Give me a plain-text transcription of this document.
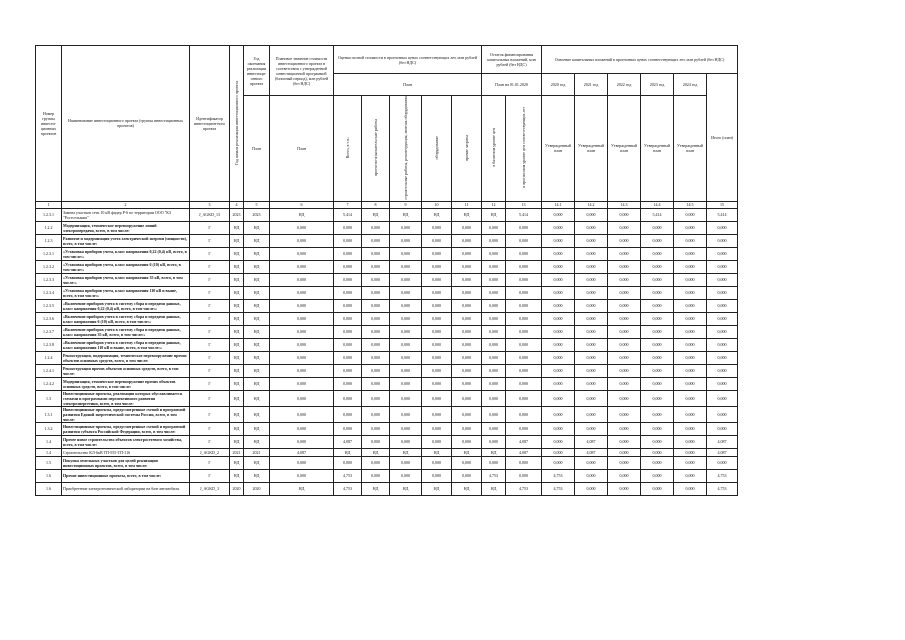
Номер группы инвести-ционных проектов	Наименование инвестиционного проекта (группы инвестиционных проектов)	Идентификатор инвестицион-ного проекта	Год начала реализации инвестиционного проекта	Год окончания реализации инвестици-онного проекта	Плановое значение стоимости инвестиционного проекта в соответствии с утвержденной инвестиционной программой (базисный период), млн рублей (без НДС)	Оценка полной стоимости в прогнозных ценах соответствующих лет, млн рублей (без НДС)					Остаток финансирования капитальных вложений, млн рублей (без НДС)		Освоение капитальных вложений в прогнозных ценах соответствующих лет, млн рублей (без НДС)					
						План					План на 01.01.2020		2020 год	2021 год	2022 год	2023 год	2024 год	Итого (план)
				План	План	Всего, в т.ч.:	проектно-изыскательские работы	строительные работы, реконструкция, монтаж оборудования	оборудование	прочие затраты	в базисном уровне цен	в прогнозном уровне цен соответствующих лет	Утвержденный план	Утвержденный план	Утвержденный план	Утвержденный план	Утвержденный план	
1	2	3	4	5	6	7	8	9	10	11	12	13	14.1	14.2	14.3	14.4	14.5	15
1.2.3.1	Замена участков сети 10 кВ фидер Р-6 по территории ООО "КЗ "Ростсельмаш"	J_AGKD_13	2023	2023	НД	5,414	НД	НД	НД	НД	НД	5,414	0,000	0,000	0,000	5,414	0,000	5,414
1.2.2	Модернизация, техническое перевооружение линий электропередачи, всего, в том числе:	Г	НД	НД	0,000	0,000	0,000	0,000	0,000	0,000	0,000	0,000	0,000	0,000	0,000	0,000	0,000	0,000
1.2.3	Развитие и модернизация учета электрической энергии (мощности), всего, в том числе:	Г	НД	НД	0,000	0,000	0,000	0,000	0,000	0,000	0,000	0,000	0,000	0,000	0,000	0,000	0,000	0,000
1.2.3.1	«Установка приборов учета, класс напряжения 0,22 (0,4) кВ, всего, в том числе:»	Г	НД	НД	0,000	0,000	0,000	0,000	0,000	0,000	0,000	0,000	0,000	0,000	0,000	0,000	0,000	0,000
1.2.3.2	«Установка приборов учета, класс напряжения 6 (10) кВ, всего, в том числе:»	Г	НД	НД	0,000	0,000	0,000	0,000	0,000	0,000	0,000	0,000	0,000	0,000	0,000	0,000	0,000	0,000
1.2.3.3	«Установка приборов учета, класс напряжения 35 кВ, всего, в том числе:»	Г	НД	НД	0,000	0,000	0,000	0,000	0,000	0,000	0,000	0,000	0,000	0,000	0,000	0,000	0,000	0,000
1.2.3.4	«Установка приборов учета, класс напряжения 110 кВ и выше, всего, в том числе:»	Г	НД	НД	0,000	0,000	0,000	0,000	0,000	0,000	0,000	0,000	0,000	0,000	0,000	0,000	0,000	0,000
1.2.3.5	«Включение приборов учета в систему сбора и передачи данных, класс напряжения 0,22 (0,4) кВ, всего, в том числе:»	Г	НД	НД	0,000	0,000	0,000	0,000	0,000	0,000	0,000	0,000	0,000	0,000	0,000	0,000	0,000	0,000
1.2.3.6	«Включение приборов учета в систему сбора и передачи данных, класс напряжения 6 (10) кВ, всего, в том числе:»	Г	НД	НД	0,000	0,000	0,000	0,000	0,000	0,000	0,000	0,000	0,000	0,000	0,000	0,000	0,000	0,000
1.2.3.7	«Включение приборов учета в систему сбора и передачи данных, класс напряжения 35 кВ, всего, в том числе:»	Г	НД	НД	0,000	0,000	0,000	0,000	0,000	0,000	0,000	0,000	0,000	0,000	0,000	0,000	0,000	0,000
1.2.3.8	«Включение приборов учета в систему сбора и передачи данных, класс напряжения 110 кВ и выше, всего, в том числе:»	Г	НД	НД	0,000	0,000	0,000	0,000	0,000	0,000	0,000	0,000	0,000	0,000	0,000	0,000	0,000	0,000
1.2.4	Реконструкция, модернизация, техническое перевооружение прочих объектов основных средств, всего, в том числе:	Г	НД	НД	0,000	0,000	0,000	0,000	0,000	0,000	0,000	0,000	0,000	0,000	0,000	0,000	0,000	0,000
1.2.4.1	Реконструкция прочих объектов основных средств, всего, в том числе:	Г	НД	НД	0,000	0,000	0,000	0,000	0,000	0,000	0,000	0,000	0,000	0,000	0,000	0,000	0,000	0,000
1.2.4.2	Модернизация, техническое перевооружение прочих объектов основных средств, всего, в том числе:	Г	НД	НД	0,000	0,000	0,000	0,000	0,000	0,000	0,000	0,000	0,000	0,000	0,000	0,000	0,000	0,000
1.3	Инвестиционные проекты, реализация которых обуславливается схемами и программами перспективного развития электроэнергетики, всего, в том числе:	Г	НД	НД	0,000	0,000	0,000	0,000	0,000	0,000	0,000	0,000	0,000	0,000	0,000	0,000	0,000	0,000
1.3.1	Инвестиционные проекты, предусмотренные схемой и программой развития Единой энергетической системы России, всего, в том числе:	Г	НД	НД	0,000	0,000	0,000	0,000	0,000	0,000	0,000	0,000	0,000	0,000	0,000	0,000	0,000	0,000
1.3.2	Инвестиционные проекты, предусмотренные схемой и программой развития субъекта Российской Федерации, всего, в том числе:	Г	НД	НД	0,000	0,000	0,000	0,000	0,000	0,000	0,000	0,000	0,000	0,000	0,000	0,000	0,000	0,000
1.4	Прочее новое строительство объектов электросетевого хозяйства, всего, в том числе:	Г	НД	НД	0,000	4,087	0,000	0,000	0,000	0,000	0,000	4,087	0,000	4,087	0,000	0,000	0,000	4,087
1.4	Строительство КЛ-6кВ ТП-555-ТП-116	J_AGKD_2	2021	2021	4,087	НД	НД	НД	НД	НД	НД	4,087	0,000	4,087	0,000	0,000	0,000	4,087
1.5	Покупка земельных участков для целей реализации инвестиционных проектов, всего, в том числе:	Г	НД	НД	0,000	0,000	0,000	0,000	0,000	0,000	0,000	0,000	0,000	0,000	0,000	0,000	0,000	0,000
1.6	Прочие инвестиционные проекты, всего, в том числе:	Г	НД	НД	0,000	4,753	0,000	0,000	0,000	0,000	4,753	0,000	4,753	0,000	0,000	0,000	0,000	4,753
1.6	Приобретение электротехнической лаборатории на базе автомобиля	J_AGKD_3	2020	2020	НД	4,753	НД	НД	НД	НД	НД	4,753	4,753	0,000	0,000	0,000	0,000	4,753
